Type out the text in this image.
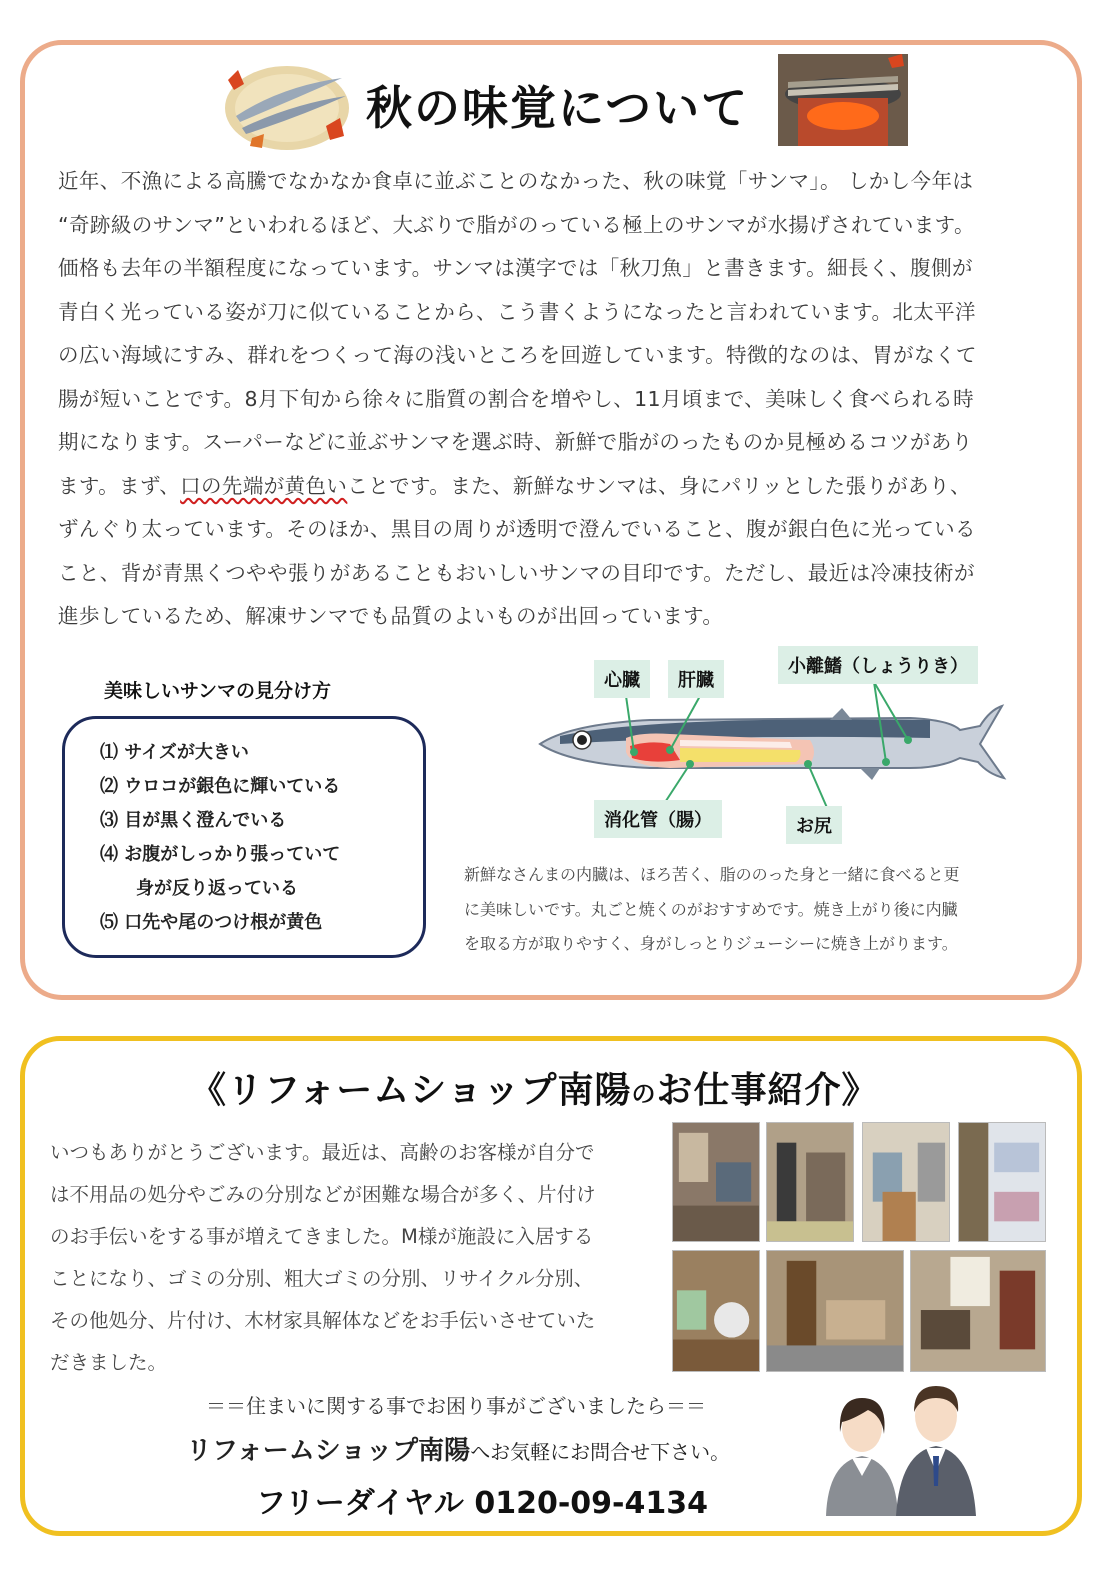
秋の味覚について
近年、不漁による高騰でなかなか食卓に並ぶことのなかった、秋の味覚「サンマ」。 しかし今年は
“奇跡級のサンマ”といわれるほど、大ぶりで脂がのっている極上のサンマが水揚げされています。
価格も去年の半額程度になっています。サンマは漢字では「秋刀魚」と書きます。細長く、腹側が
青白く光っている姿が刀に似ていることから、こう書くようになったと言われています。北太平洋
の広い海域にすみ、群れをつくって海の浅いところを回遊しています。特徴的なのは、胃がなくて
腸が短いことです。8月下旬から徐々に脂質の割合を増やし、11月頃まで、美味しく食べられる時
期になります。スーパーなどに並ぶサンマを選ぶ時、新鮮で脂がのったものか見極めるコツがあり
ます。まず、口の先端が黄色いことです。また、新鮮なサンマは、身にパリッとした張りがあり、
ずんぐり太っています。そのほか、黒目の周りが透明で澄んでいること、腹が銀白色に光っている
こと、背が青黒くつやや張りがあることもおいしいサンマの目印です。ただし、最近は冷凍技術が
進歩しているため、解凍サンマでも品質のよいものが出回っています。
美味しいサンマの見分け方
⑴ サイズが大きい
⑵ ウロコが銀色に輝いている
⑶ 目が黒く澄んでいる
⑷ お腹がしっかり張っていて
身が反り返っている
⑸ 口先や尾のつけ根が黄色
心臓	肝臓
小離鰭（しょうりき）
消化管（腸）	お尻
新鮮なさんまの内臓は、ほろ苦く、脂ののった身と一緒に食べると更
に美味しいです。丸ごと焼くのがおすすめです。焼き上がり後に内臓
を取る方が取りやすく、身がしっとりジューシーに焼き上がります。
《リフォームショップ南陽のお仕事紹介》
いつもありがとうございます。最近は、高齢のお客様が自分で
は不用品の処分やごみの分別などが困難な場合が多く、片付け
のお手伝いをする事が増えてきました。M様が施設に入居する
ことになり、ゴミの分別、粗大ゴミの分別、リサイクル分別、
その他処分、片付け、木材家具解体などをお手伝いさせていた
だきました。
＝＝住まいに関する事でお困り事がございましたら＝＝
リフォームショップ南陽へお気軽にお問合せ下さい。
フリーダイヤル 0120-09-4134
